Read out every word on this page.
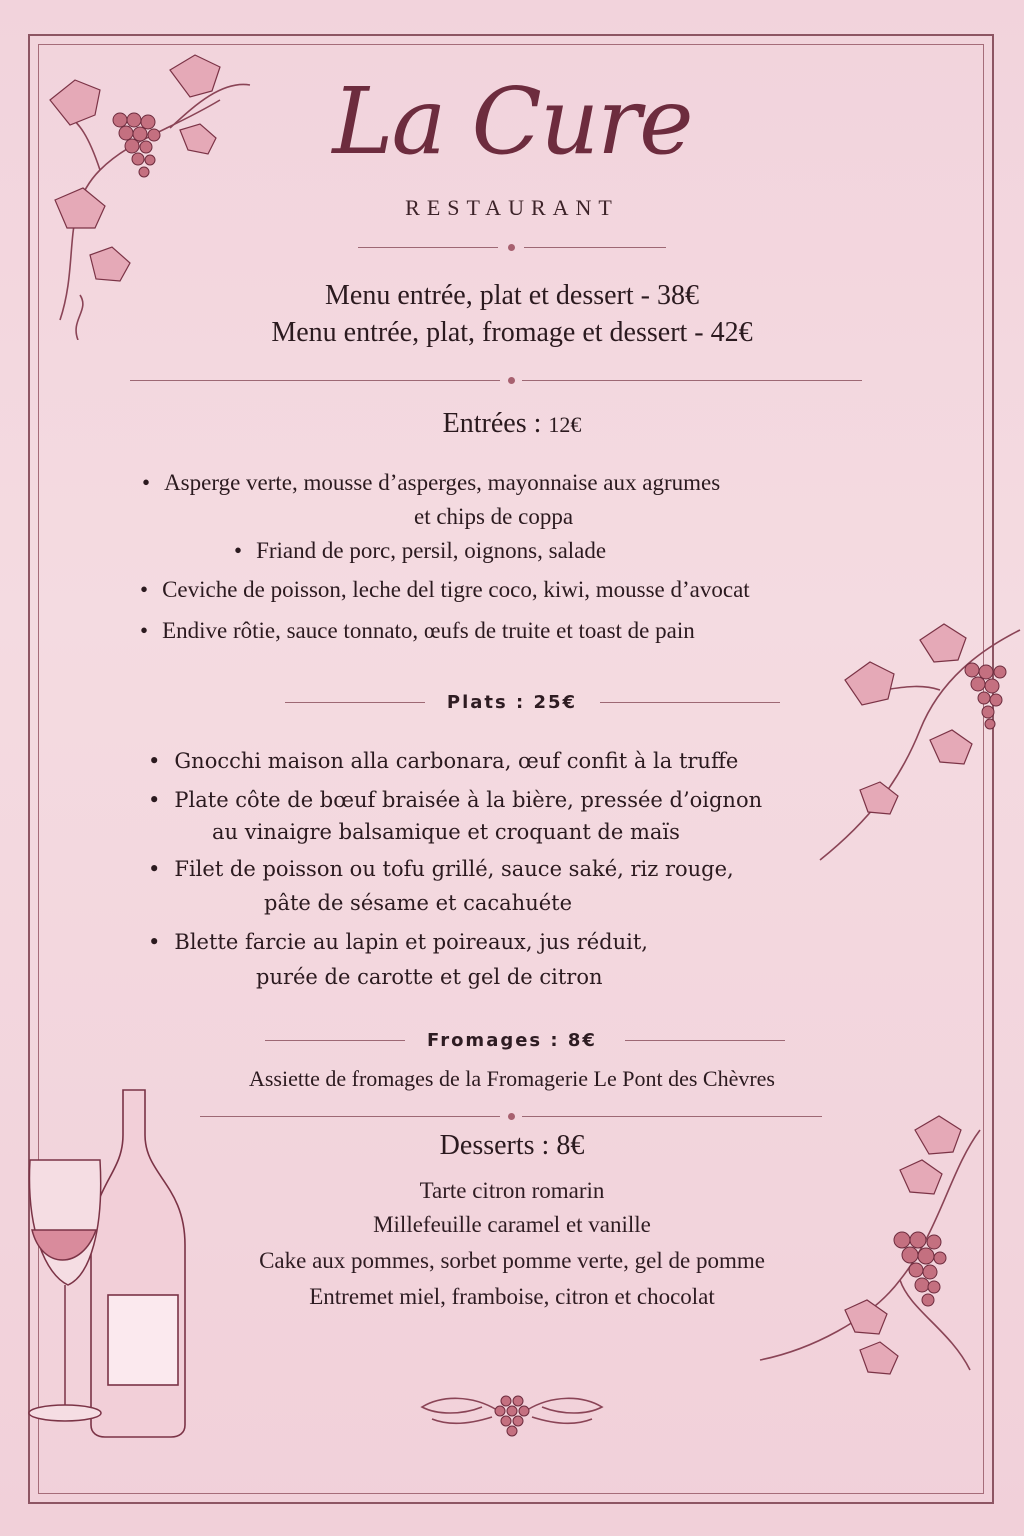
La Cure
RESTAURANT
Menu entrée, plat et dessert - 38€
Menu entrée, plat, fromage et dessert - 42€
Entrées : 12€
• Asperge verte, mousse d’asperges, mayonnaise aux agrumes
et chips de coppa
• Friand de porc, persil, oignons, salade
• Ceviche de poisson, leche del tigre coco, kiwi, mousse d’avocat
• Endive rôtie, sauce tonnato, œufs de truite et toast de pain
Plats : 25€
• Gnocchi maison alla carbonara, œuf confit à la truffe
• Plate côte de bœuf braisée à la bière, pressée d’oignon
au vinaigre balsamique et croquant de maïs
• Filet de poisson ou tofu grillé, sauce saké, riz rouge,
pâte de sésame et cacahuéte
• Blette farcie au lapin et poireaux, jus réduit,
purée de carotte et gel de citron
Fromages : 8€
Assiette de fromages de la Fromagerie Le Pont des Chèvres
Desserts : 8€
Tarte citron romarin
Millefeuille caramel et vanille
Cake aux pommes, sorbet pomme verte, gel de pomme
Entremet miel, framboise, citron et chocolat
